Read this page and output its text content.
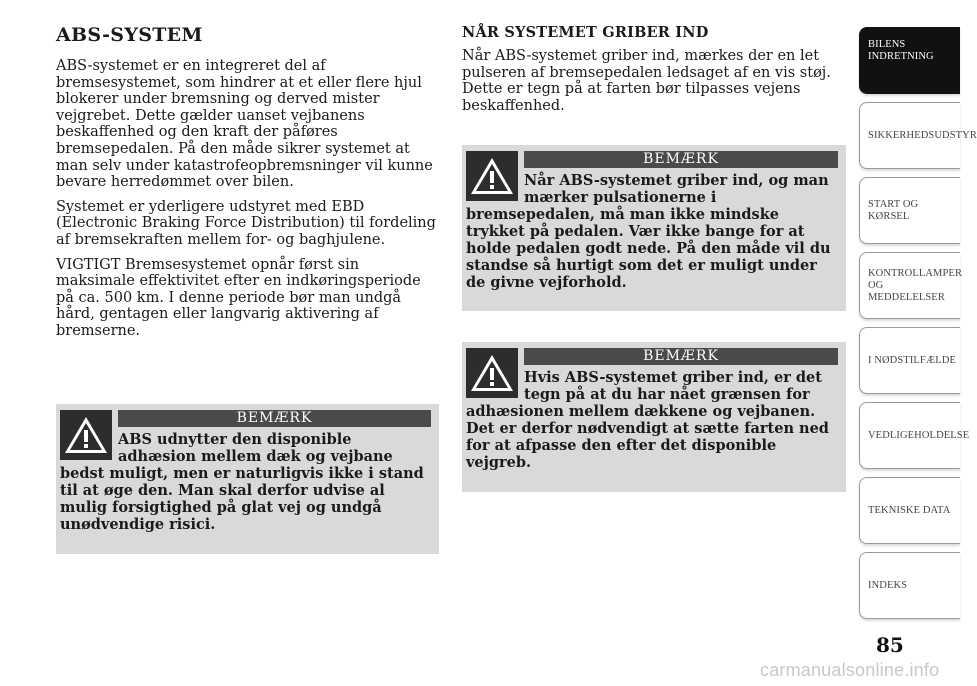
ABS-SYSTEM

ABS-systemet er en integreret del af bremsesystemet, som hindrer at et eller flere hjul blokerer under bremsning og derved mister vejgrebet. Dette gælder uanset vejbanens beskaffenhed og den kraft der påføres bremsepedalen. På den måde sikrer systemet at man selv under katastrofeopbremsninger vil kunne bevare herredømmet over bilen.

Systemet er yderligere udstyret med EBD (Electronic Braking Force Distribution) til fordeling af bremsekraften mellem for- og baghjulene.

VIGTIGT Bremsesystemet opnår først sin maksimale effektivitet efter en indkøringsperiode på ca. 500 km. I denne periode bør man undgå hård, gentagen eller langvarig aktivering af bremserne.

BEMÆRK
ABS udnytter den disponible adhæsion mellem dæk og vejbane bedst muligt, men er naturligvis ikke i stand til at øge den. Man skal derfor udvise al mulig forsigtighed på glat vej og undgå unødvendige risici.
NÅR SYSTEMET GRIBER IND

Når ABS-systemet griber ind, mærkes der en let pulseren af bremsepedalen ledsaget af en vis støj. Dette er tegn på at farten bør tilpasses vejens beskaffenhed.

BEMÆRK
Når ABS-systemet griber ind, og man mærker pulsationerne i bremsepedalen, må man ikke mindske trykket på pedalen. Vær ikke bange for at holde pedalen godt nede. På den måde vil du standse så hurtigt som det er muligt under de givne vejforhold.
BEMÆRK
Hvis ABS-systemet griber ind, er det tegn på at du har nået grænsen for adhæsionen mellem dækkene og vejbanen. Det er derfor nødvendigt at sætte farten ned for at afpasse den efter det disponible vejgreb.
BILENS
INDRETNING
SIKKERHEDSUDSTYR
START OG KØRSEL
KONTROLLAMPER
OG MEDDELELSER
I NØDSTILFÆLDE
VEDLIGEHOLDELSE
TEKNISKE DATA
INDEKS
85
carmanualsonline.info
